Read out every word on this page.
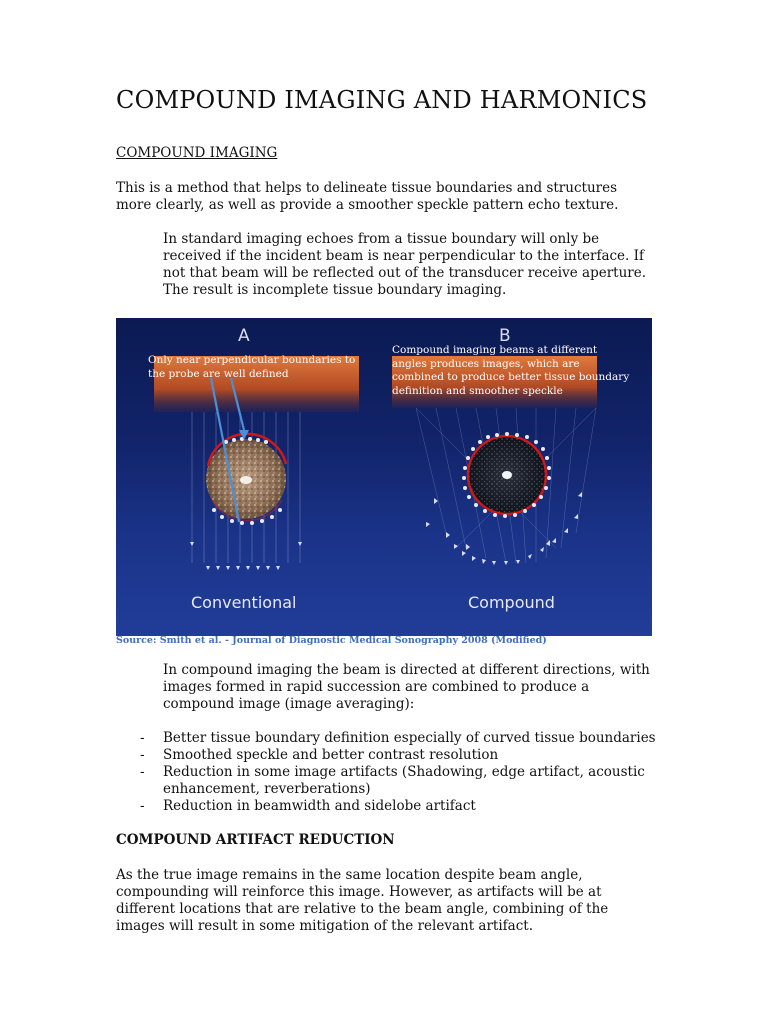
COMPOUND IMAGING AND HARMONICS
COMPOUND IMAGING

This is a method that helps to delineate tissue boundaries and structures more clearly, as well as provide a smoother speckle pattern echo texture.

In standard imaging echoes from a tissue boundary will only be received if the incident beam is near perpendicular to the interface. If not that beam will be reflected out of the transducer receive aperture. The result is incomplete tissue boundary imaging.

A	B

Only near perpendicular boundaries to the probe are well defined

Compound imaging beams at different angles produces images, which are combined to produce better tissue boundary definition and smoother speckle

Conventional	Compound

Source: Smith et al. - Journal of Diagnostic Medical Sonography 2008 (Modified)

In compound imaging the beam is directed at different directions, with images formed in rapid succession are combined to produce a compound image (image averaging):

- Better tissue boundary definition especially of curved tissue boundaries
- Smoothed speckle and better contrast resolution
- Reduction in some image artifacts (Shadowing, edge artifact, acoustic enhancement, reverberations)
- Reduction in beamwidth and sidelobe artifact
COMPOUND ARTIFACT REDUCTION

As the true image remains in the same location despite beam angle, compounding will reinforce this image. However, as artifacts will be at different locations that are relative to the beam angle, combining of the images will result in some mitigation of the relevant artifact.
